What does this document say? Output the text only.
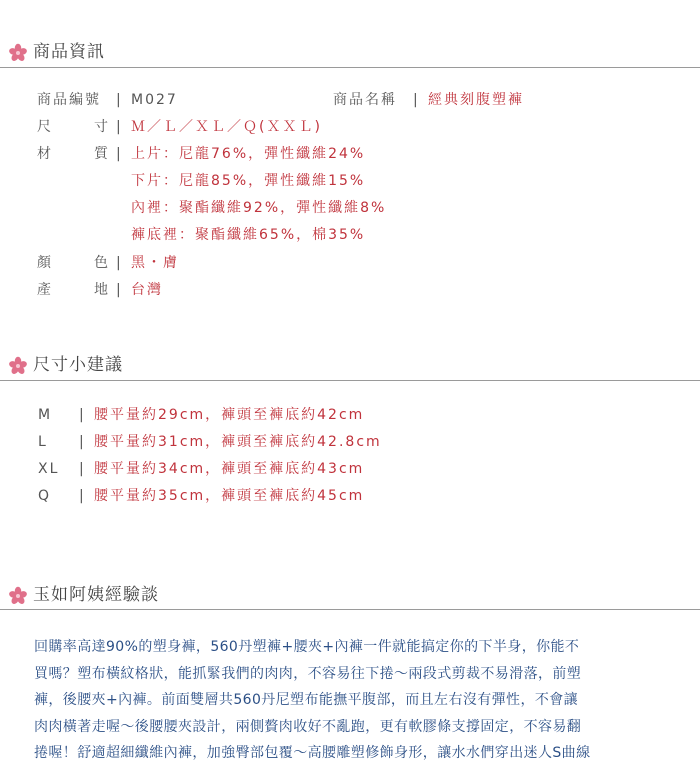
商品資訊
商品編號 | M027	商品名稱 | 經典刻腹塑褲
尺	寸 | Ｍ／Ｌ／ＸＬ／Ｑ(ＸＸＬ)
材	質 | 上片：尼龍76%，彈性纖維24%
下片：尼龍85%，彈性纖維15%
內裡：聚酯纖維92%，彈性纖維8%
褲底裡：聚酯纖維65%，棉35%
顏	色 | 黑・膚
產	地 | 台灣
尺寸小建議
M | 腰平量約29cm，褲頭至褲底約42cm
L | 腰平量約31cm，褲頭至褲底約42.8cm
XL | 腰平量約34cm，褲頭至褲底約43cm
Q | 腰平量約35cm，褲頭至褲底約45cm
玉如阿姨經驗談

回購率高達90%的塑身褲，560丹塑褲+腰夾+內褲一件就能搞定你的下半身，你能不

買嗎？塑布橫紋格狀，能抓緊我們的肉肉，不容易往下捲～兩段式剪裁不易滑落，前塑

褲，後腰夾+內褲。前面雙層共560丹尼塑布能撫平腹部，而且左右沒有彈性，不會讓

肉肉橫著走喔～後腰腰夾設計，兩側贅肉收好不亂跑，更有軟膠條支撐固定，不容易翻

捲喔！舒適超細纖維內褲，加強臀部包覆～高腰雕塑修飾身形，讓水水們穿出迷人S曲線
